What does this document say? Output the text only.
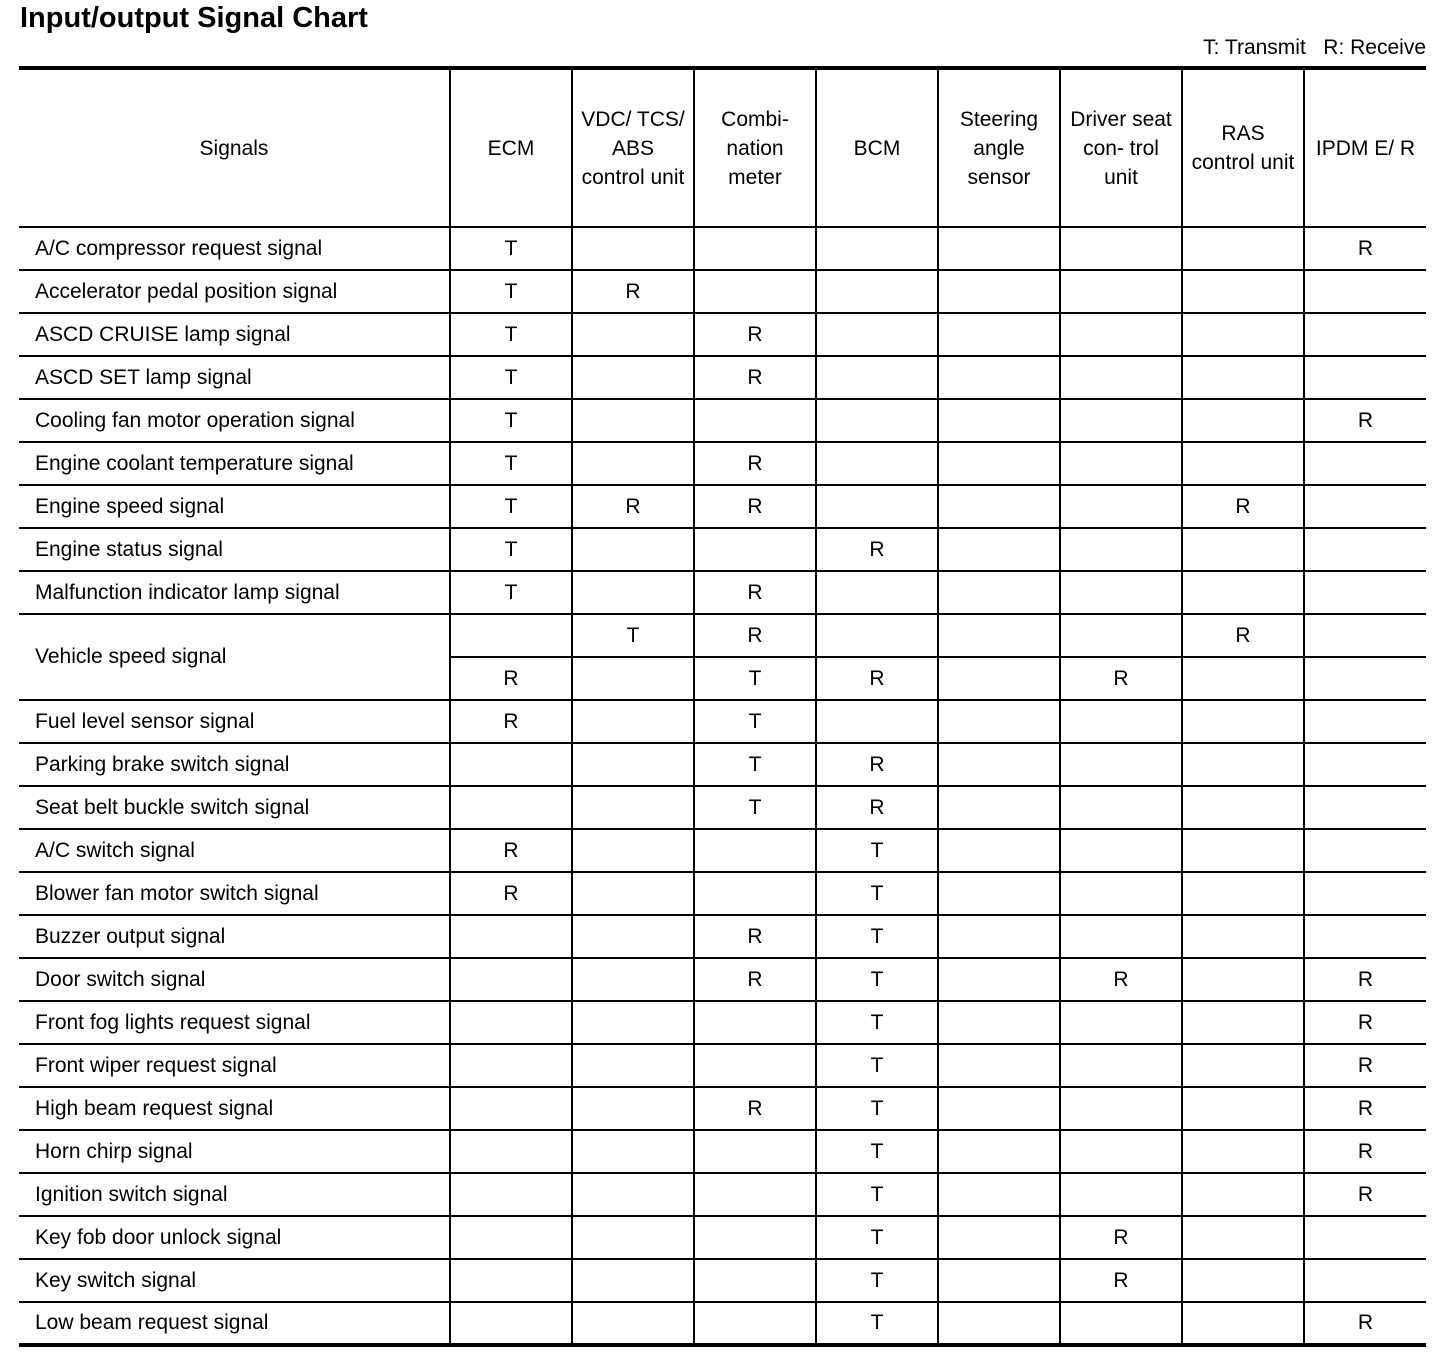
Input/output Signal Chart
T: Transmit   R: Receive
Signals	ECM	VDC/ TCS/ ABS control unit	Combi- nation meter	BCM	Steering angle sensor	Driver seat con- trol unit	RAS control unit	IPDM E/ R
A/C compressor request signal	T							R
Accelerator pedal position signal	T	R						
ASCD CRUISE lamp signal	T		R					
ASCD SET lamp signal	T		R					
Cooling fan motor operation signal	T							R
Engine coolant temperature signal	T		R					
Engine speed signal	T	R	R				R	
Engine status signal	T			R				
Malfunction indicator lamp signal	T		R					
Vehicle speed signal		T	R				R	
	R		T	R		R		
Fuel level sensor signal	R		T					
Parking brake switch signal			T	R				
Seat belt buckle switch signal			T	R				
A/C switch signal	R			T				
Blower fan motor switch signal	R			T				
Buzzer output signal			R	T				
Door switch signal			R	T		R		R
Front fog lights request signal				T				R
Front wiper request signal				T				R
High beam request signal			R	T				R
Horn chirp signal				T				R
Ignition switch signal				T				R
Key fob door unlock signal				T		R		
Key switch signal				T		R		
Low beam request signal				T				R
